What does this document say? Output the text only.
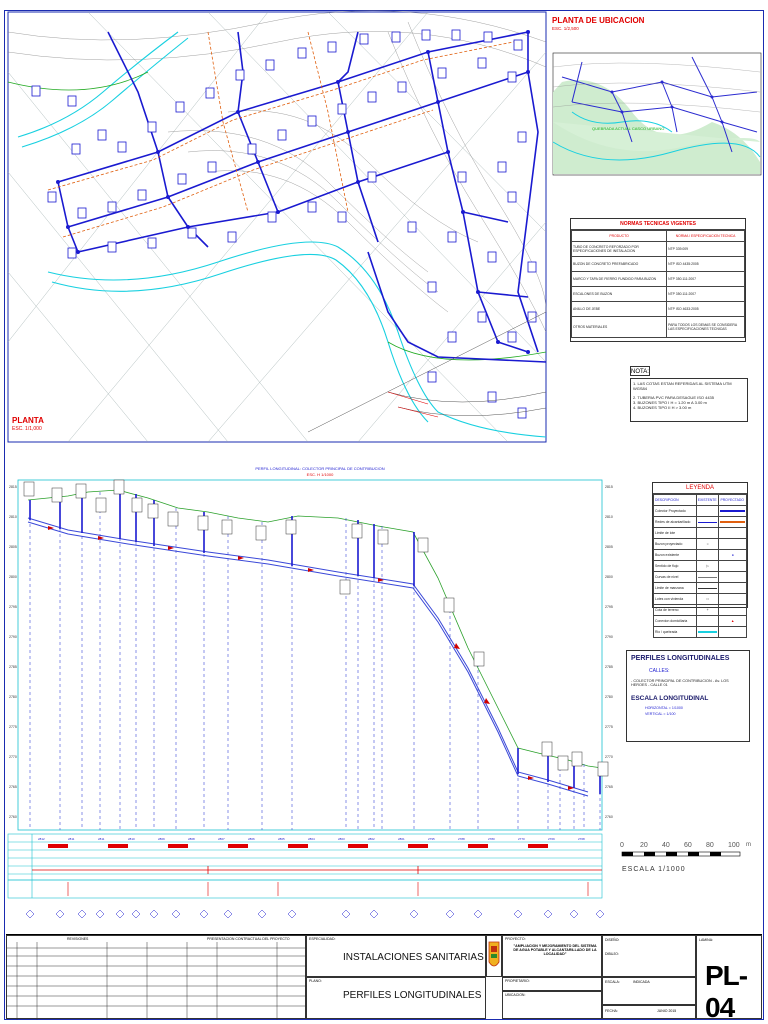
PLANTA
ESC. 1/1,000
PLANTA DE UBICACION
ESC. 1/2,500
QUEBRADA ACTUAL CASCO URBANO
NORMAS TECNICAS VIGENTES
PRODUCTO	NORMA / ESPECIFICACION TECNICA
TUBO DE CONCRETO REFORZADO POR ESPECIFICACIONES DE INSTALACION	NTP 339.009
BUZON DE CONCRETO PREFABRICADO	NTP ISO 4435:2005
MARCO Y TAPA DE FIERRO FUNDIDO PARA BUZON	NTP 350.111:2007
ESCALONES DE BUZON	NTP 350.111:2007
ANILLO DE JEBE	NTP ISO 4633:2005
OTROS MATERIALES	PARA TODOS LOS DEMAS SE CONSIDERA LAS ESPECIFICACIONES TECNICAS
NOTA:
1. LAS COTAS ESTAN REFERIDAS AL SISTEMA UTM WGS84
2. TUBERIA PVC PARA DESAGUE ISO 4435
3. BUZONES TIPO I H = 1.20 m A 3.00 m
4. BUZONES TIPO II H > 3.00 m
PERFIL LONGITUDINAL: COLECTOR PRINCIPAL DE CONTRIBUCION
ESC. H 1/1000
2815
2810
2805
2800
2795
2790
2785
2780
2775
2770
2765
2760
2815
2810
2805
2800
2795
2790
2785
2780
2775
2770
2765
2760
2812	2811	2811	2810	2809	2808	2807	2806	2805	2804	2803	2802	2801	2795	2788	2780	2770	2769	2768
LEYENDA
DESCRIPCION	EXISTENTE	PROYECTADO
Colector Proyectado		

Redes de alcantarillado	

Limite de lote		
Buzon proyectado	○	
Buzon existente		●
Sentido de flujo	▷	
Curvas de nivel	

Limite de manzana	

Lotes con vivienda	□	
Cota de terreno	+	
Conexion domiciliaria		▲
Rio / quebrada	

PERFILES LONGITUDINALES
CALLES:
- COLECTOR PRINCIPAL DE CONTRIBUCION - Av. LOS HEROES - CALLE 01
ESCALA LONGITUDINAL
HORIZONTAL = 1/1000
VERTICAL = 1/100
0 20 40 60 80 100 m
ESCALA 1/1000
REVISIONES	PRESENTACION CONTRACTUAL DEL PROYECTO	ESPECIALIDAD:
INSTALACIONES SANITARIAS
PLANO:
PERFILES LONGITUDINALES
PROYECTO:
"AMPLIACION Y MEJORAMIENTO DEL SISTEMA DE AGUA POTABLE Y ALCANTARILLADO DE LA LOCALIDAD"
PROPIETARIO:
UBICACION:
DISEÑO:
DIBUJO:
ESCALA:	INDICADA
FECHA:	JUNIO 2015
LAMINA:
PL-04
